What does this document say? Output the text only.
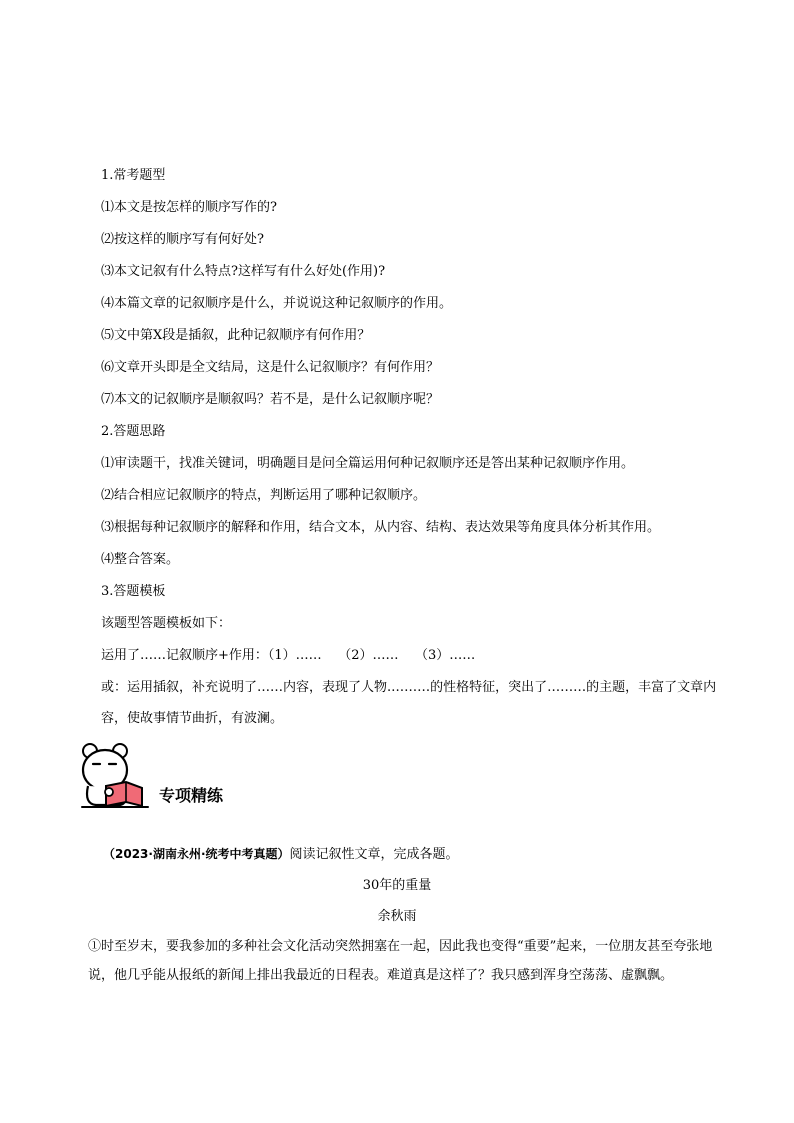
1.常考题型
⑴本文是按怎样的顺序写作的?
⑵按这样的顺序写有何好处?
⑶本文记叙有什么特点?这样写有什么好处(作用)?
⑷本篇文章的记叙顺序是什么，并说说这种记叙顺序的作用。
⑸文中第X段是插叙，此种记叙顺序有何作用？
⑹文章开头即是全文结局，这是什么记叙顺序？有何作用？
⑺本文的记叙顺序是顺叙吗？若不是，是什么记叙顺序呢？
2.答题思路
⑴审读题干，找准关键词，明确题目是问全篇运用何种记叙顺序还是答出某种记叙顺序作用。
⑵结合相应记叙顺序的特点，判断运用了哪种记叙顺序。
⑶根据每种记叙顺序的解释和作用，结合文本，从内容、结构、表达效果等角度具体分析其作用。
⑷整合答案。
3.答题模板
该题型答题模板如下：
运用了……记叙顺序+作用：（1）……    （2）……    （3）……
或：运用插叙，补充说明了……内容，表现了人物.………的性格特征，突出了………的主题，丰富了文章内容，使故事情节曲折，有波澜。
专项精练
（2023·湖南永州·统考中考真题）阅读记叙性文章，完成各题。
30年的重量
余秋雨
①时至岁末，要我参加的多种社会文化活动突然拥塞在一起，因此我也变得“重要”起来，一位朋友甚至夸张地说，他几乎能从报纸的新闻上排出我最近的日程表。难道真是这样了？我只感到浑身空荡荡、虚飘飘。
